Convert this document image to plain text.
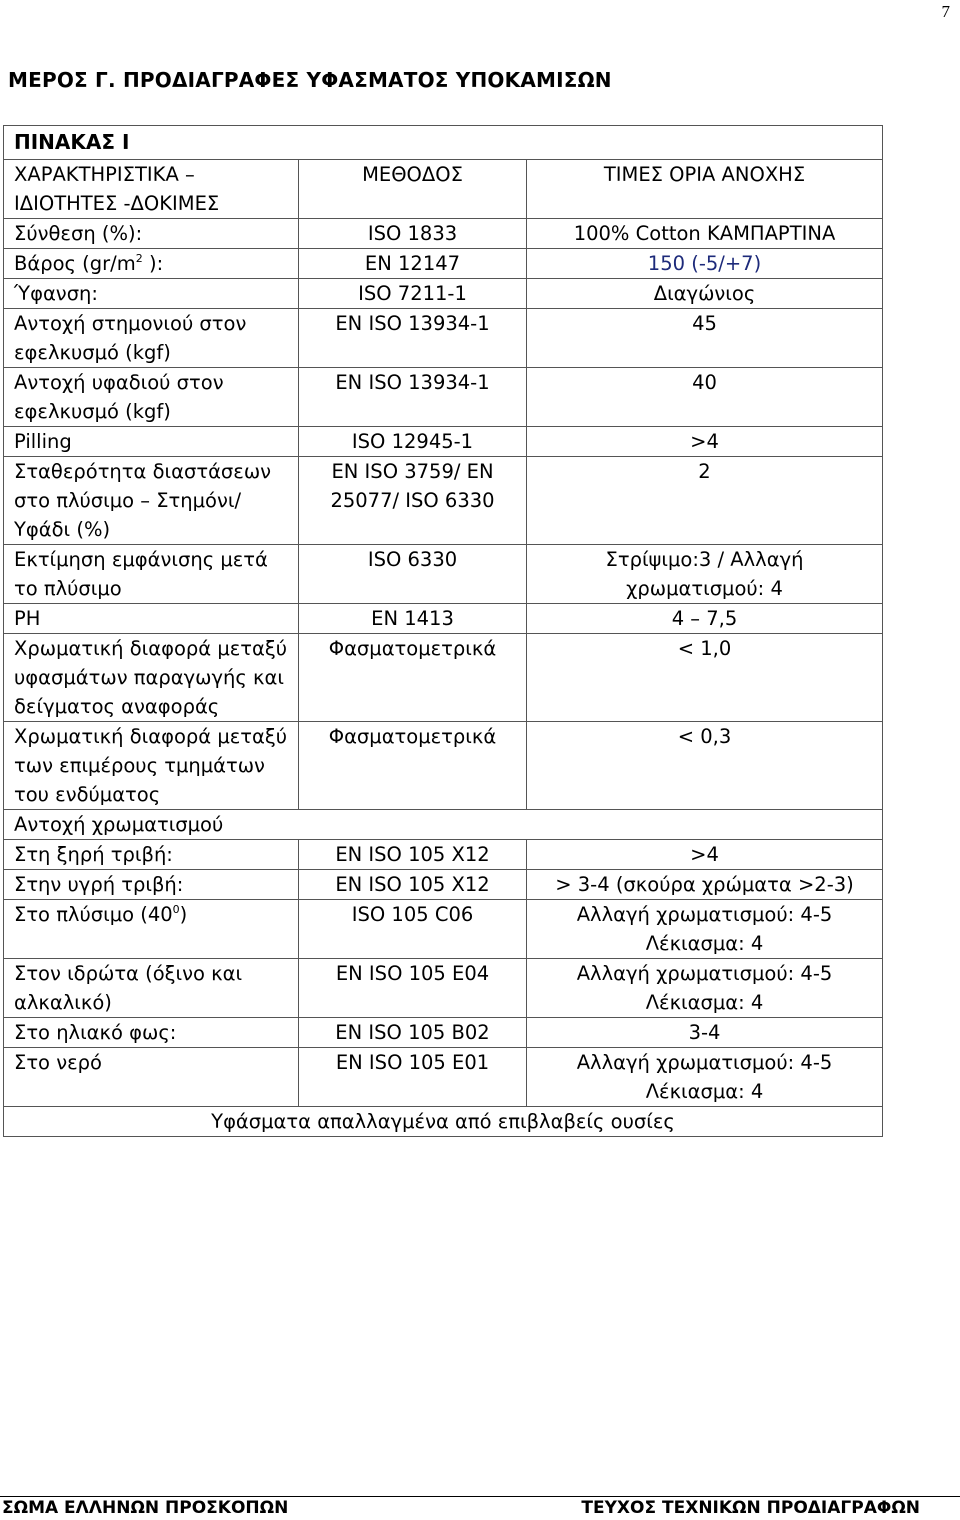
7
ΜΕΡΟΣ Γ. ΠΡΟΔΙΑΓΡΑΦΕΣ ΥΦΑΣΜΑΤΟΣ ΥΠΟΚΑΜΙΣΩΝ
ΠΙΝΑΚΑΣ Ι		
ΧΑΡΑΚΤΗΡΙΣΤΙΚΑ – ΙΔΙΟΤΗΤΕΣ -ΔΟΚΙΜΕΣ	ΜΕΘΟΔΟΣ	ΤΙΜΕΣ ΟΡΙΑ ΑΝΟΧΗΣ
Σύνθεση (%):	ISO 1833	100% Cotton ΚΑΜΠΑΡΤΙΝΑ
Βάρος ($gr/m^2$ ):	EN 12147	150 (-5/+7)
Ύφανση:	ISO 7211-1	Διαγώνιος
Αντοχή στημονιού στον εφελκυσμό (kgf)	EN ISO 13934-1	45
Αντοχή υφαδιού στον εφελκυσμό (kgf)	EN ISO 13934-1	40
Pilling	ISO 12945-1	>4
Σταθερότητα διαστάσεων στο πλύσιμο – Στημόνι/Υφάδι (%)	EN ISO 3759/ EN 25077/ ISO 6330	2
Εκτίμηση εμφάνισης μετά το πλύσιμο	ISO 6330	Στρίψιμο:3 / Αλλαγή χρωματισμού: 4
PH	EN 1413	4 – 7,5
Χρωματική διαφορά μεταξύ υφασμάτων παραγωγής και δείγματος αναφοράς	Φασματομετρικά	< 1,0
Χρωματική διαφορά μεταξύ των επιμέρους τμημάτων του ενδύματος	Φασματομετρικά	< 0,3
Αντοχή χρωματισμού		
Στη ξηρή τριβή:	EN ISO 105 X12	>4
Στην υγρή τριβή:	EN ISO 105 X12	> 3-4 (σκούρα χρώματα >2-3)
Στο πλύσιμο $(40^0)$	ISO 105 C06	Αλλαγή χρωματισμού: 4-5
Λέκιασμα: 4

Στον ιδρώτα (όξινο και αλκαλικό)	EN ISO 105 E04	Αλλαγή χρωματισμού: 4-5
Λέκιασμα: 4

Στο ηλιακό φως:	EN ISO 105 B02	3-4
Στο νερό	EN ISO 105 E01	Αλλαγή χρωματισμού: 4-5
Λέκιασμα: 4

Υφάσματα απαλλαγμένα από επιβλαβείς ουσίες		
ΣΩΜΑ ΕΛΛΗΝΩΝ ΠΡΟΣΚΟΠΩΝ	ΤΕΥΧΟΣ ΤΕΧΝΙΚΩΝ ΠΡΟΔΙΑΓΡΑΦΩΝ
